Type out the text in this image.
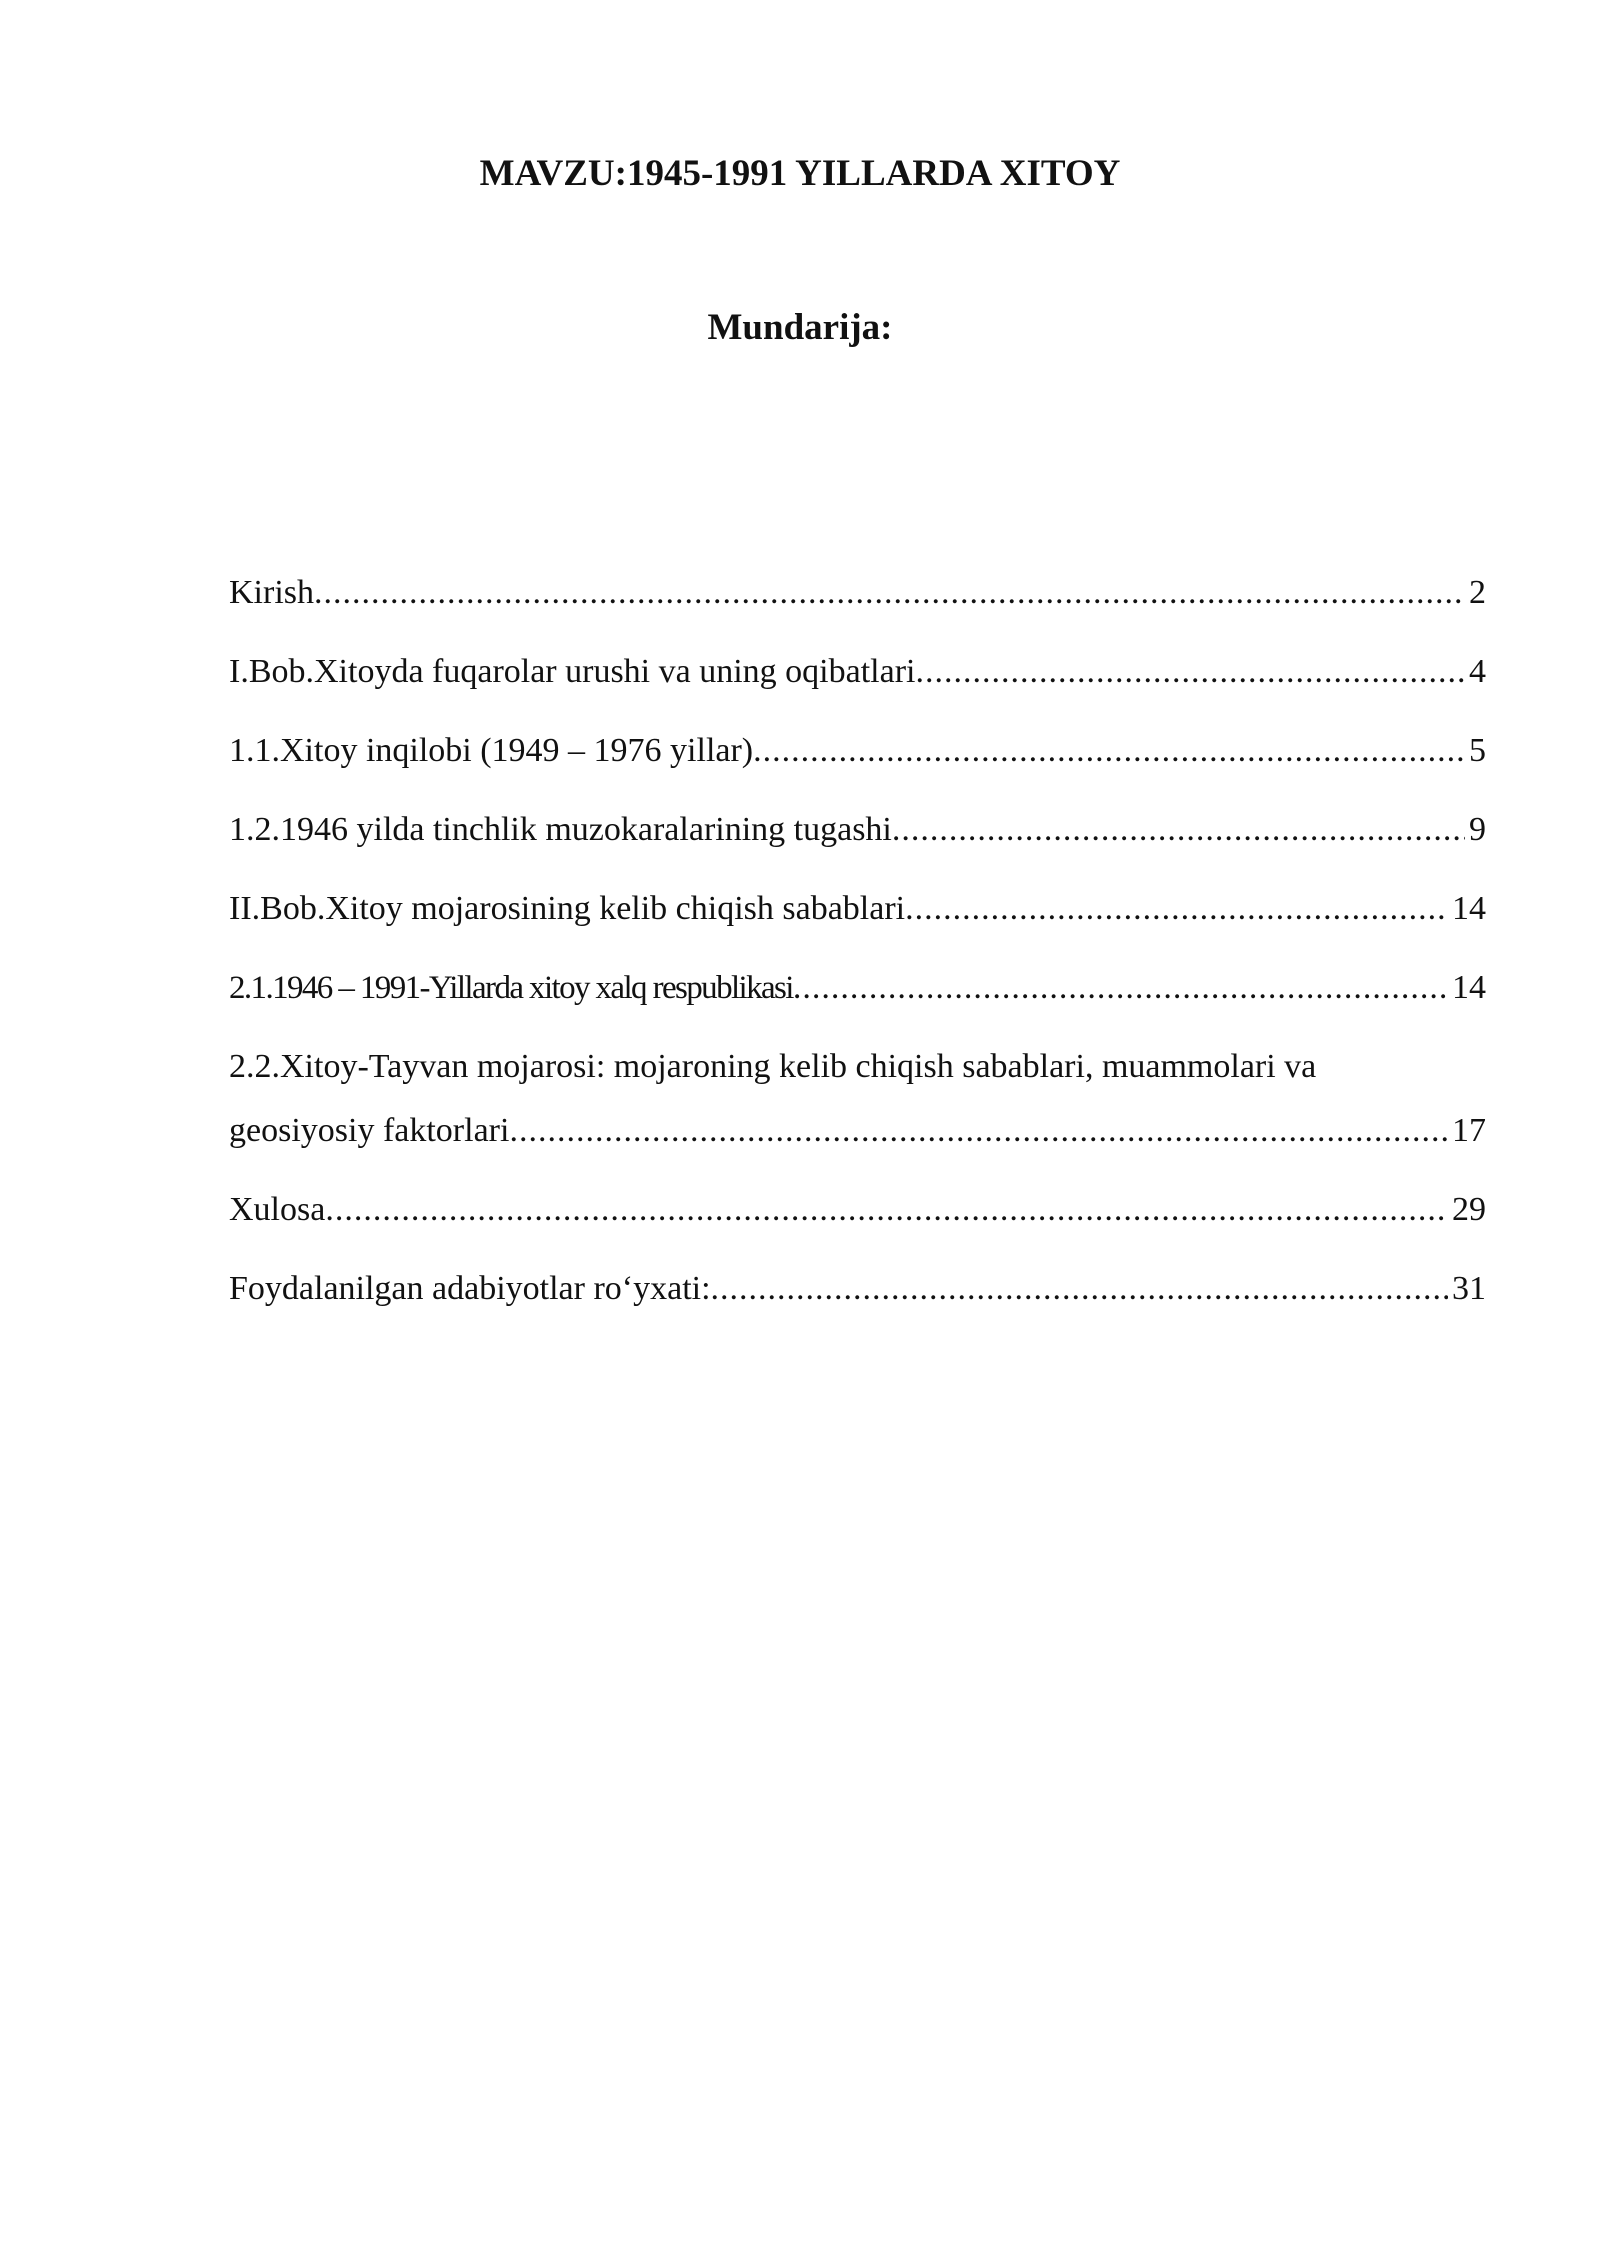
MAVZU:1945-1991 YILLARDA XITOY
Mundarija:
Kirish .....	2
I.Bob.Xitoyda fuqarolar urushi va uning oqibatlari .....	4
1.1.Xitoy inqilobi (1949 – 1976 yillar) .....	5
1.2.1946 yilda tinchlik muzokaralarining tugashi .....	9
II.Bob.Xitoy mojarosining kelib chiqish sabablari .....	14
2.1.1946 – 1991-Yillarda xitoy xalq respublikasi .....	14
2.2.Xitoy-Tayvan mojarosi: mojaroning kelib chiqish sabablari, muammolari va
geosiyosiy faktorlari .....	17
Xulosa .....	29
Foydalanilgan adabiyotlar ro‘yxati: .....	31
